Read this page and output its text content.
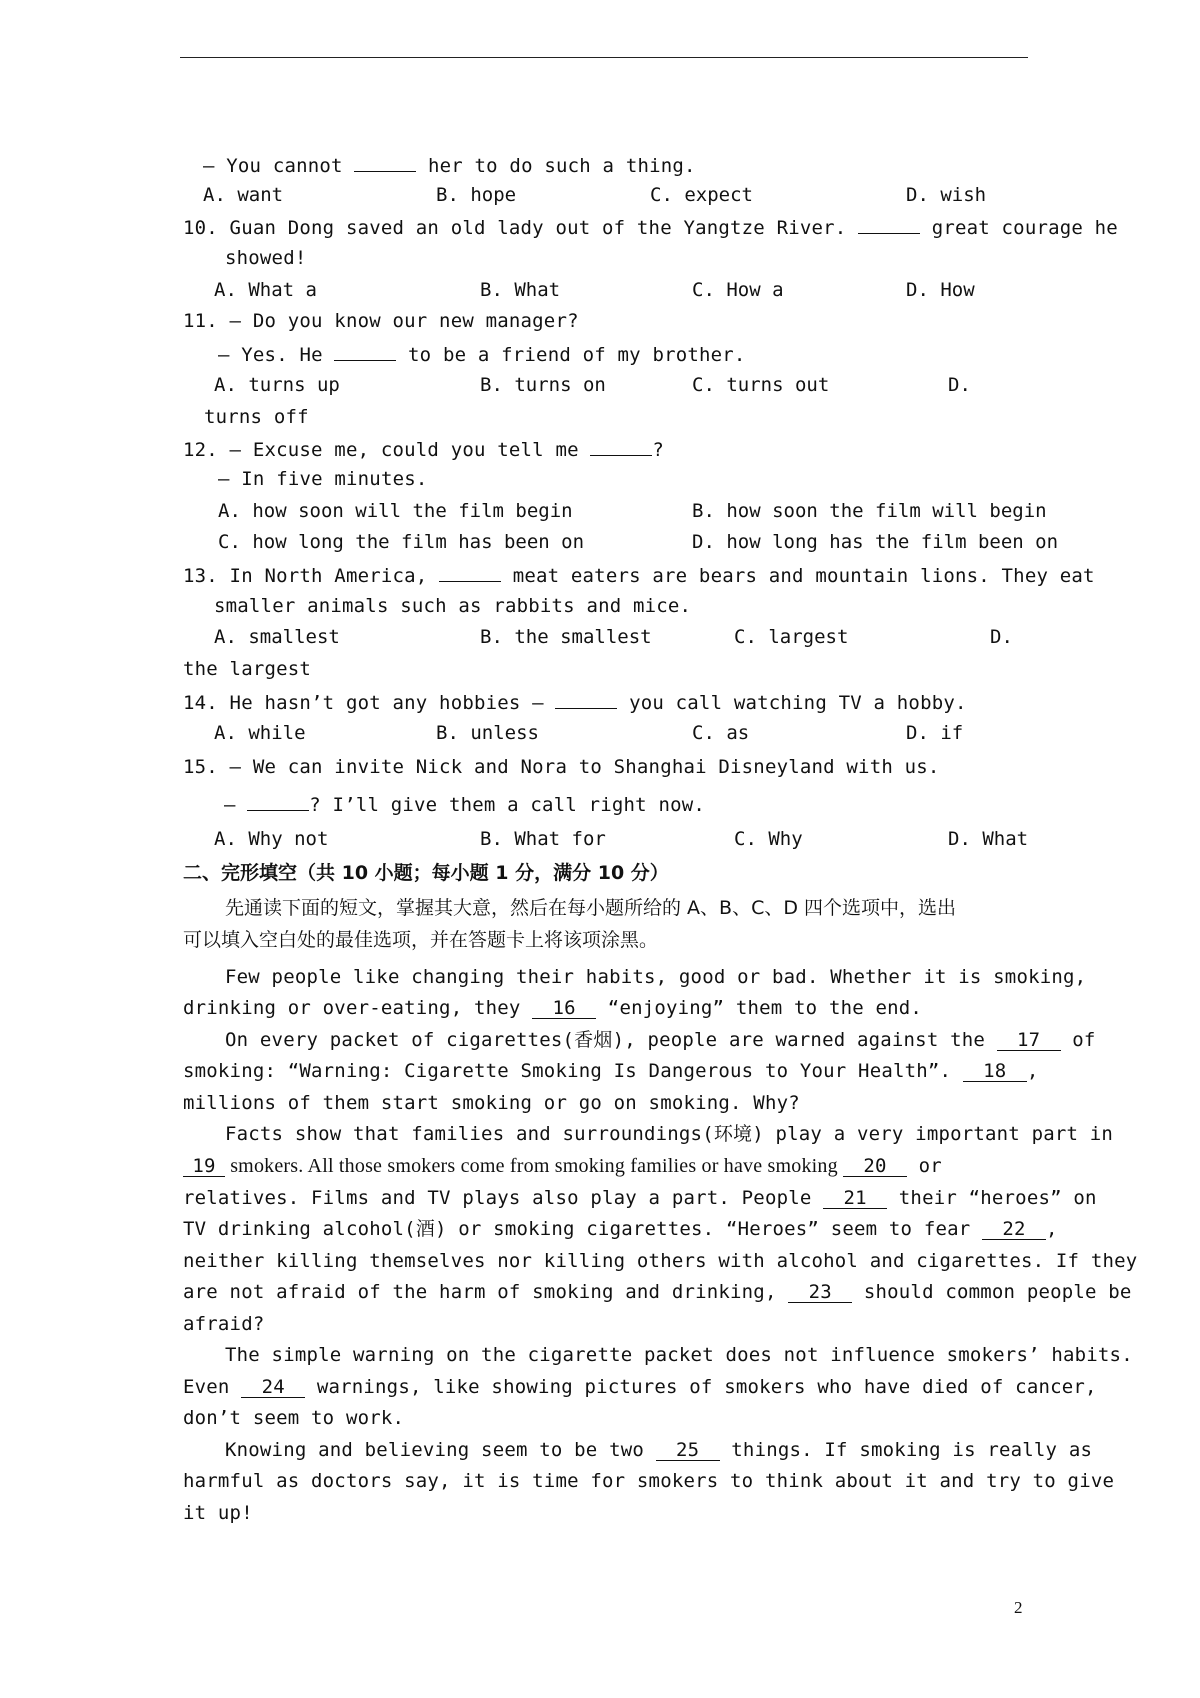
— You cannot	her to do such a thing.
A. want	B. hope	C. expect	D. wish
10. Guan Dong saved an old lady out of the Yangtze River.	great courage he
showed!
A. What a	B. What	C. How a	D. How
11. — Do you know our new manager?
— Yes. He	to be a friend of my brother.
A. turns up	B. turns on	C. turns out	D.
turns off
12. — Excuse me, could you tell me	?
— In five minutes.
A. how soon will the film begin	B. how soon the film will begin
C. how long the film has been on	D. how long has the film been on
13. In North America,	meat eaters are bears and mountain lions. They eat
smaller animals such as rabbits and mice.
A. smallest	B. the smallest	C. largest	D.
the largest
14. He hasn’t got any hobbies —	you call watching TV a hobby.
A. while	B. unless	C. as	D. if
15. — We can invite Nick and Nora to Shanghai Disneyland with us.
—	? I’ll give them a call right now.
A. Why not	B. What for	C. Why	D. What
二、完形填空（共 10 小题；每小题 1 分，满分 10 分）
先通读下面的短文，掌握其大意，然后在每小题所给的 A、B、C、D 四个选项中，选出
可以填入空白处的最佳选项，并在答题卡上将该项涂黑。
Few people like changing their habits, good or bad. Whether it is smoking,
drinking or over-eating, they 16 “enjoying” them to the end.
On every packet of cigarettes(香烟), people are warned against the 17 of
smoking: “Warning: Cigarette Smoking Is Dangerous to Your Health”. 18 ,
millions of them start smoking or go on smoking. Why?
Facts show that families and surroundings(环境) play a very important part in
19 smokers. All those smokers come from smoking families or have smoking 20 or
relatives. Films and TV plays also play a part. People 21 their “heroes” on
TV drinking alcohol(酒) or smoking cigarettes. “Heroes” seem to fear 22 ,
neither killing themselves nor killing others with alcohol and cigarettes. If they
are not afraid of the harm of smoking and drinking, 23 should common people be
afraid?
The simple warning on the cigarette packet does not influence smokers’ habits.
Even 24 warnings, like showing pictures of smokers who have died of cancer,
don’t seem to work.
Knowing and believing seem to be two 25 things. If smoking is really as
harmful as doctors say, it is time for smokers to think about it and try to give
it up!
2
